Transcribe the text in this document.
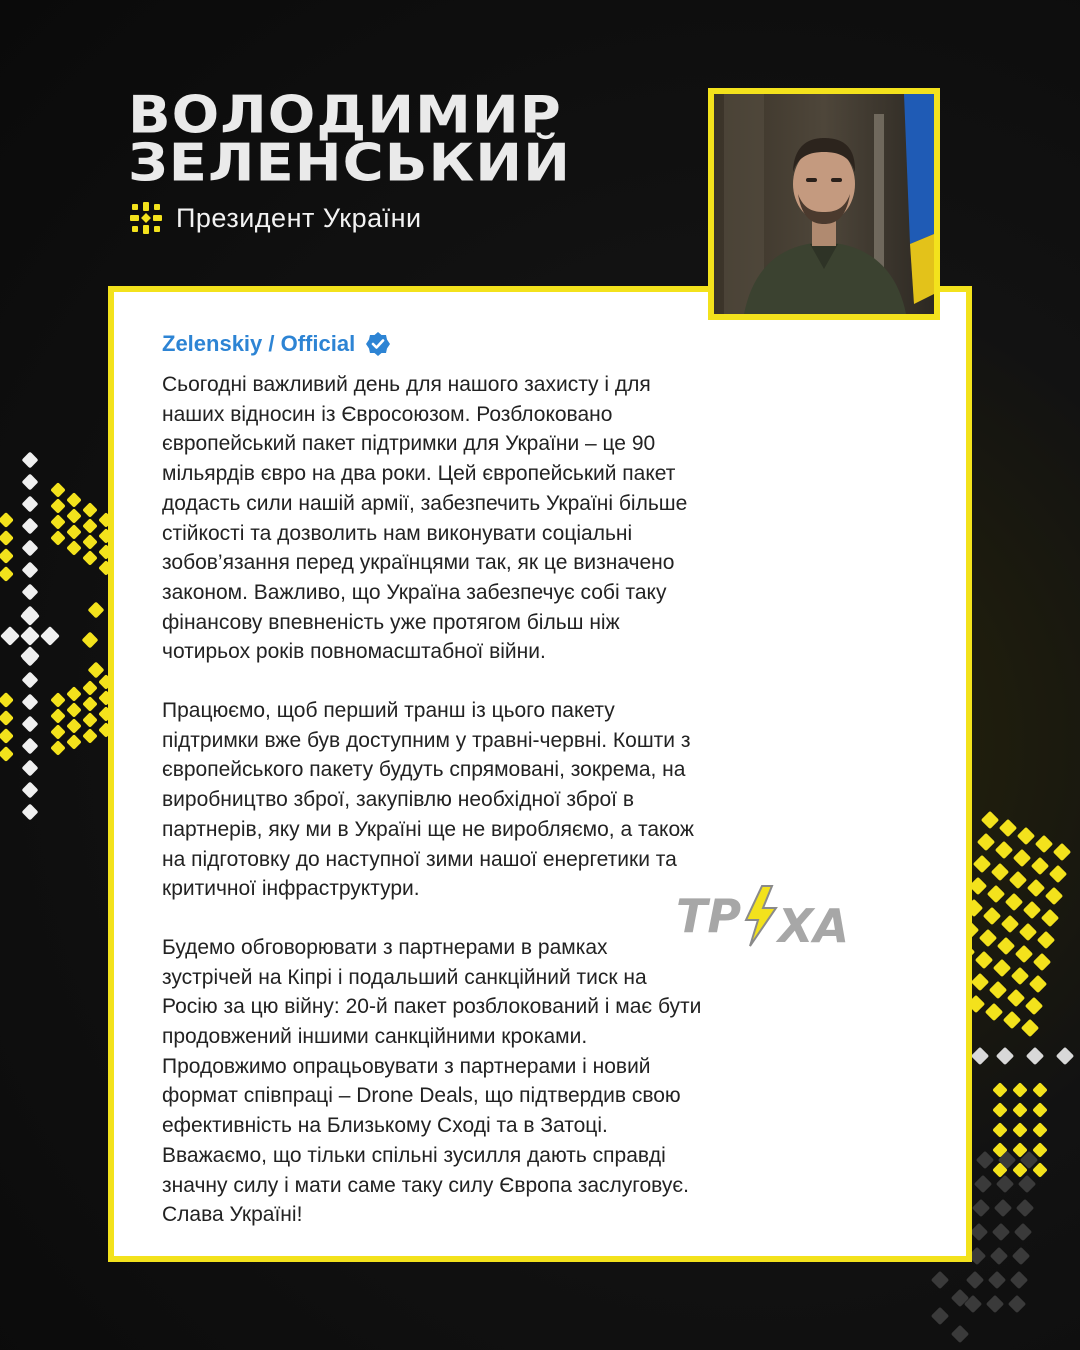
ВОЛОДИМИР
ЗЕЛЕНСЬКИЙ
Президент України
Zelenskiy / Official
Сьогодні важливий день для нашого захисту і для
наших відносин із Євросоюзом. Розблоковано
європейський пакет підтримки для України – це 90
мільярдів євро на два роки. Цей європейський пакет
додасть сили нашій армії, забезпечить Україні більше
стійкості та дозволить нам виконувати соціальні
зобов’язання перед українцями так, як це визначено
законом. Важливо, що Україна забезпечує собі таку
фінансову впевненість уже протягом більш ніж
чотирьох років повномасштабної війни.
Працюємо, щоб перший транш із цього пакету
підтримки вже був доступним у травні-червні. Кошти з
європейського пакету будуть спрямовані, зокрема, на
виробництво зброї, закупівлю необхідної зброї в
партнерів, яку ми в Україні ще не виробляємо, а також
на підготовку до наступної зими нашої енергетики та
критичної інфраструктури.
Будемо обговорювати з партнерами в рамках
зустрічей на Кіпрі і подальший санкційний тиск на
Росію за цю війну: 20-й пакет розблокований і має бути
продовжений іншими санкційними кроками.
Продовжимо опрацьовувати з партнерами і новий
формат співпраці – Drone Deals, що підтвердив свою
ефективність на Близькому Сході та в Затоці.
Вважаємо, що тільки спільні зусилля дають справді
значну силу і мати саме таку силу Європа заслуговує.
Слава Україні!
ТР ХА
